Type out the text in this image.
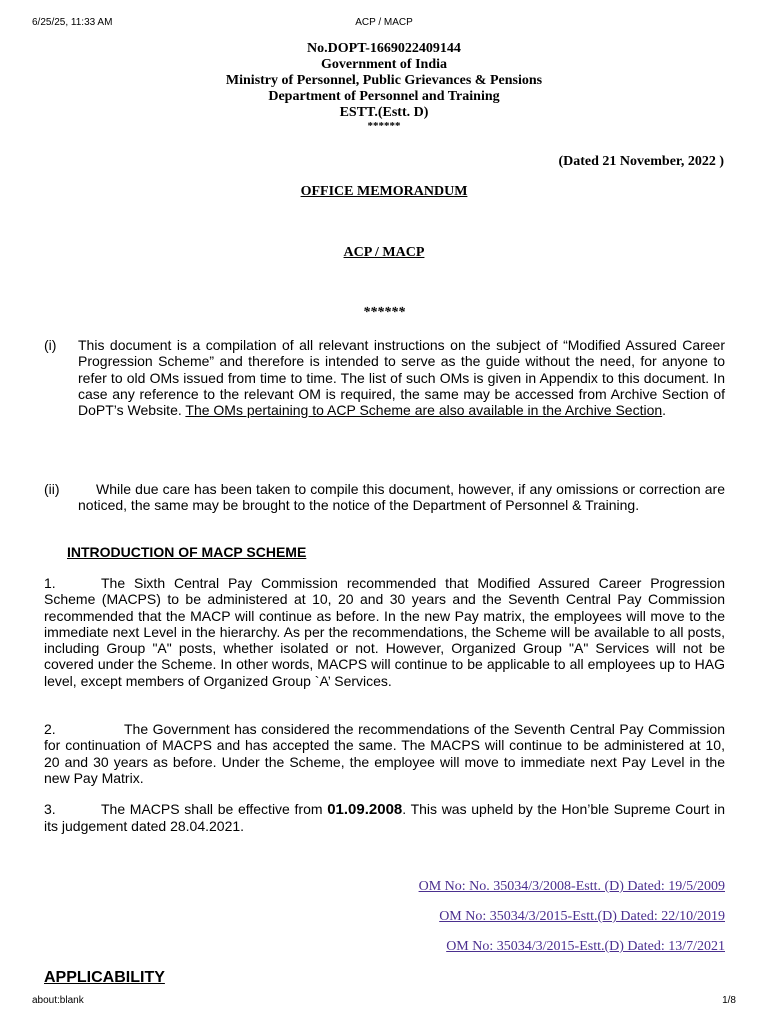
6/25/25, 11:33 AM	ACP / MACP
No.DOPT-1669022409144
Government of India
Ministry of Personnel, Public Grievances & Pensions
Department of Personnel and Training
ESTT.(Estt. D)
******
(Dated 21 November, 2022 )
OFFICE MEMORANDUM
ACP / MACP
******
(i) This document is a compilation of all relevant instructions on the subject of “Modified Assured Career Progression Scheme” and therefore is intended to serve as the guide without the need, for anyone to refer to old OMs issued from time to time. The list of such OMs is given in Appendix to this document. In case any reference to the relevant OM is required, the same may be accessed from Archive Section of DoPT’s Website. The OMs pertaining to ACP Scheme are also available in the Archive Section.
(ii)	While due care has been taken to compile this document, however, if any omissions or correction are noticed, the same may be brought to the notice of the Department of Personnel & Training.
INTRODUCTION OF MACP SCHEME
1.	The Sixth Central Pay Commission recommended that Modified Assured Career Progression Scheme (MACPS) to be administered at 10, 20 and 30 years and the Seventh Central Pay Commission recommended that the MACP will continue as before. In the new Pay matrix, the employees will move to the immediate next Level in the hierarchy. As per the recommendations, the Scheme will be available to all posts, including Group "A" posts, whether isolated or not. However, Organized Group "A" Services will not be covered under the Scheme. In other words, MACPS will continue to be applicable to all employees up to HAG level, except members of Organized Group `A’ Services.
2.	The Government has considered the recommendations of the Seventh Central Pay Commission for continuation of MACPS and has accepted the same. The MACPS will continue to be administered at 10, 20 and 30 years as before. Under the Scheme, the employee will move to immediate next Pay Level in the new Pay Matrix.
3.	The MACPS shall be effective from 01.09.2008. This was upheld by the Hon’ble Supreme Court in its judgement dated 28.04.2021.
OM No: No. 35034/3/2008-Estt. (D) Dated: 19/5/2009
OM No: 35034/3/2015-Estt.(D) Dated: 22/10/2019
OM No: 35034/3/2015-Estt.(D) Dated: 13/7/2021
APPLICABILITY
about:blank	1/8
